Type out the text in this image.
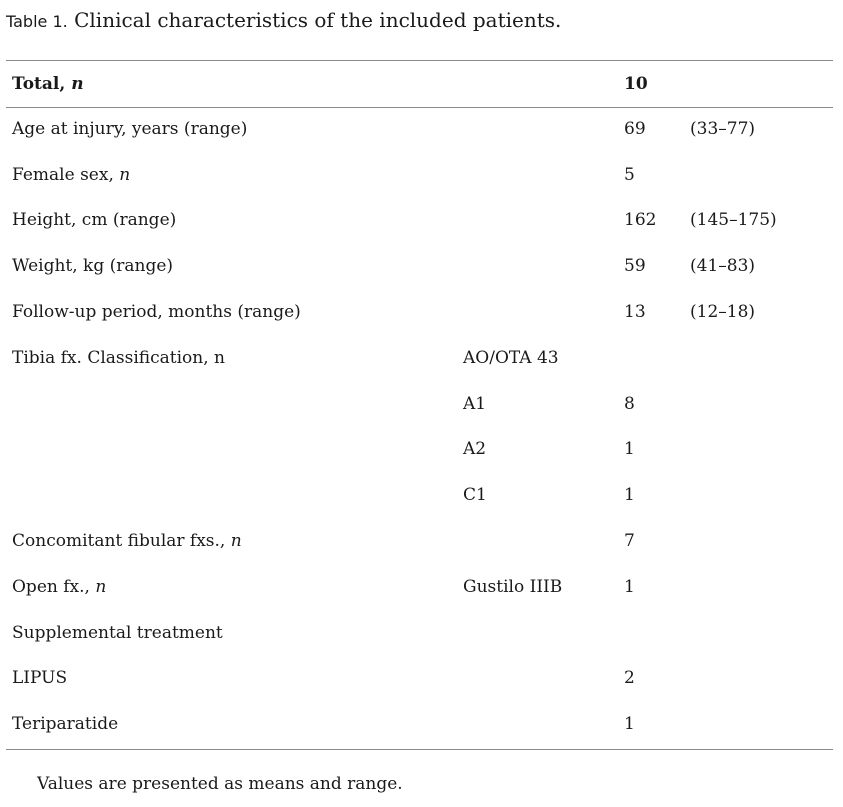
Table 1. Clinical characteristics of the included patients.
Total, n		10	
Age at injury, years (range)		69	(33–77)
Female sex, n		5	
Height, cm (range)		162	(145–175)
Weight, kg (range)		59	(41–83)
Follow-up period, months (range)		13	(12–18)
Tibia fx. Classification, n	AO/OTA 43		
	A1	8	
	A2	1	
	C1	1	
Concomitant fibular fxs., n		7	
Open fx., n	Gustilo IIIB	1	
Supplemental treatment			
LIPUS		2	
Teriparatide		1	
Values are presented as means and range.
